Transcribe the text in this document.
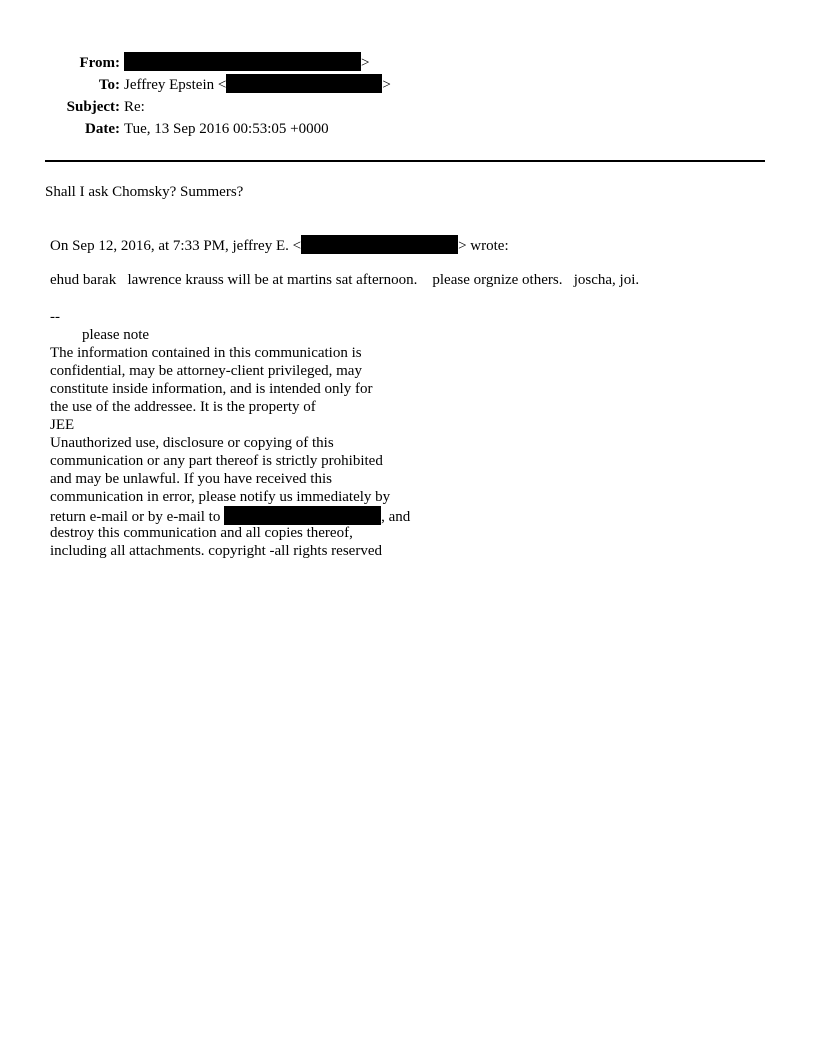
From:	>
To: Jeffrey Epstein <	>
Subject: Re:
Date: Tue, 13 Sep 2016 00:53:05 +0000
Shall I ask Chomsky? Summers?
On Sep 12, 2016, at 7:33 PM, jeffrey E. <	> wrote:
ehud barak   lawrence krauss will be at martins sat afternoon.    please orgnize others.   joscha, joi.
--
please note
The information contained in this communication is
confidential, may be attorney-client privileged, may
constitute inside information, and is intended only for
the use of the addressee. It is the property of
JEE
Unauthorized use, disclosure or copying of this
communication or any part thereof is strictly prohibited
and may be unlawful. If you have received this
communication in error, please notify us immediately by
return e-mail or by e-mail to	, and
destroy this communication and all copies thereof,
including all attachments. copyright -all rights reserved
